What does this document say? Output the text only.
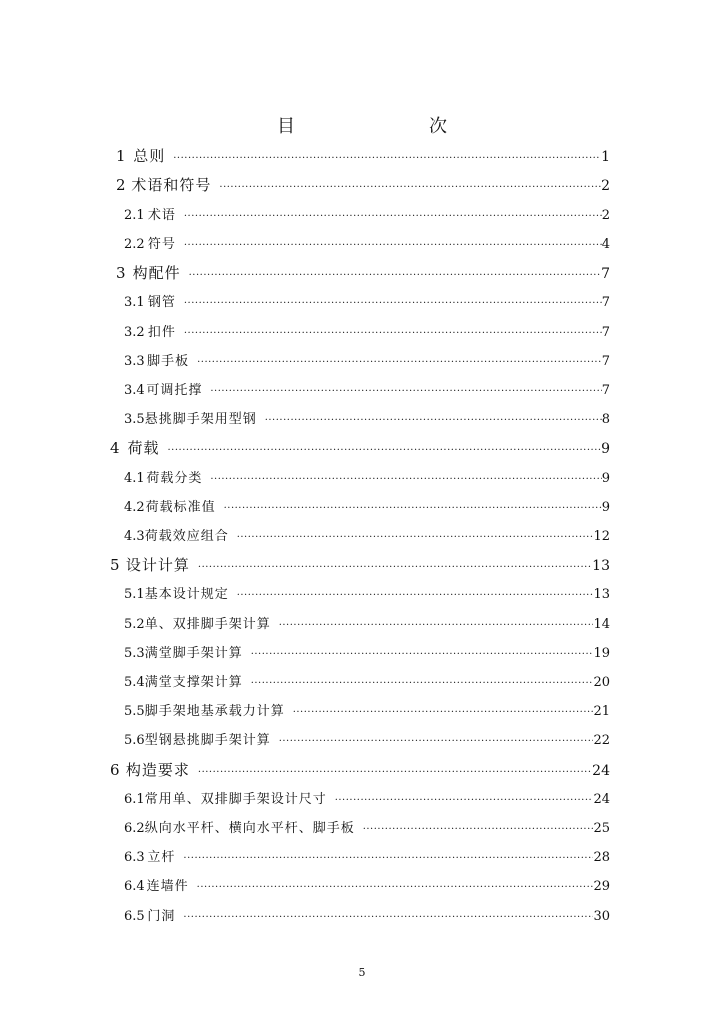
目　次
1 总则 ·····	1
2 术语和符号 ·····	2
2.1 术语 ·····	2
2.2 符号 ·····	4
3 构配件 ·····	7
3.1 钢管 ·····	7
3.2 扣件 ·····	7
3.3 脚手板 ·····	7
3.4 可调托撑 ·····	7
3.5 悬挑脚手架用型钢 ·····	8
4 荷载 ·····	9
4.1 荷载分类 ·····	9
4.2 荷载标准值 ·····	9
4.3 荷载效应组合 ·····	12
5 设计计算 ·····	13
5.1 基本设计规定 ·····	13
5.2 单、双排脚手架计算 ·····	14
5.3 满堂脚手架计算 ·····	19
5.4 满堂支撑架计算 ·····	20
5.5 脚手架地基承载力计算 ·····	21
5.6 型钢悬挑脚手架计算 ·····	22
6 构造要求 ·····	24
6.1 常用单、双排脚手架设计尺寸 ·····	24
6.2 纵向水平杆、横向水平杆、脚手板 ·····	25
6.3 立杆 ·····	28
6.4 连墙件 ·····	29
6.5 门洞 ·····	30
5
